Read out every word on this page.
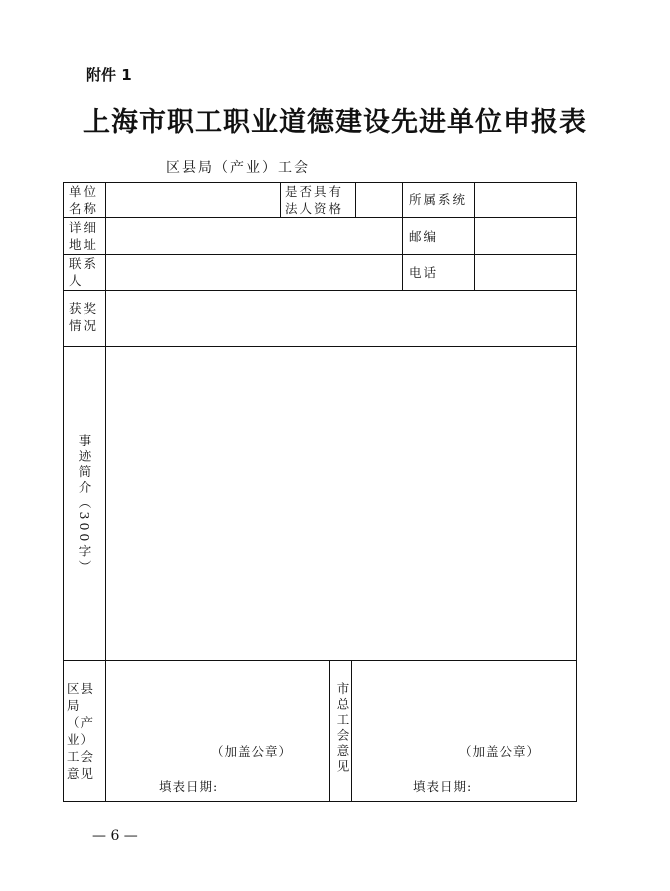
附件 1
上海市职工职业道德建设先进单位申报表
区县局（产业）工会
单位
名称
是否具有
法人资格
所属系统
详细
地址
邮编
联系
人
电话
获奖
情况
事迹简介（300字）
区县局（产业）工会意见
（加盖公章）
填表日期:
市总工会意见	（加盖公章）
填表日期:
— 6 —
